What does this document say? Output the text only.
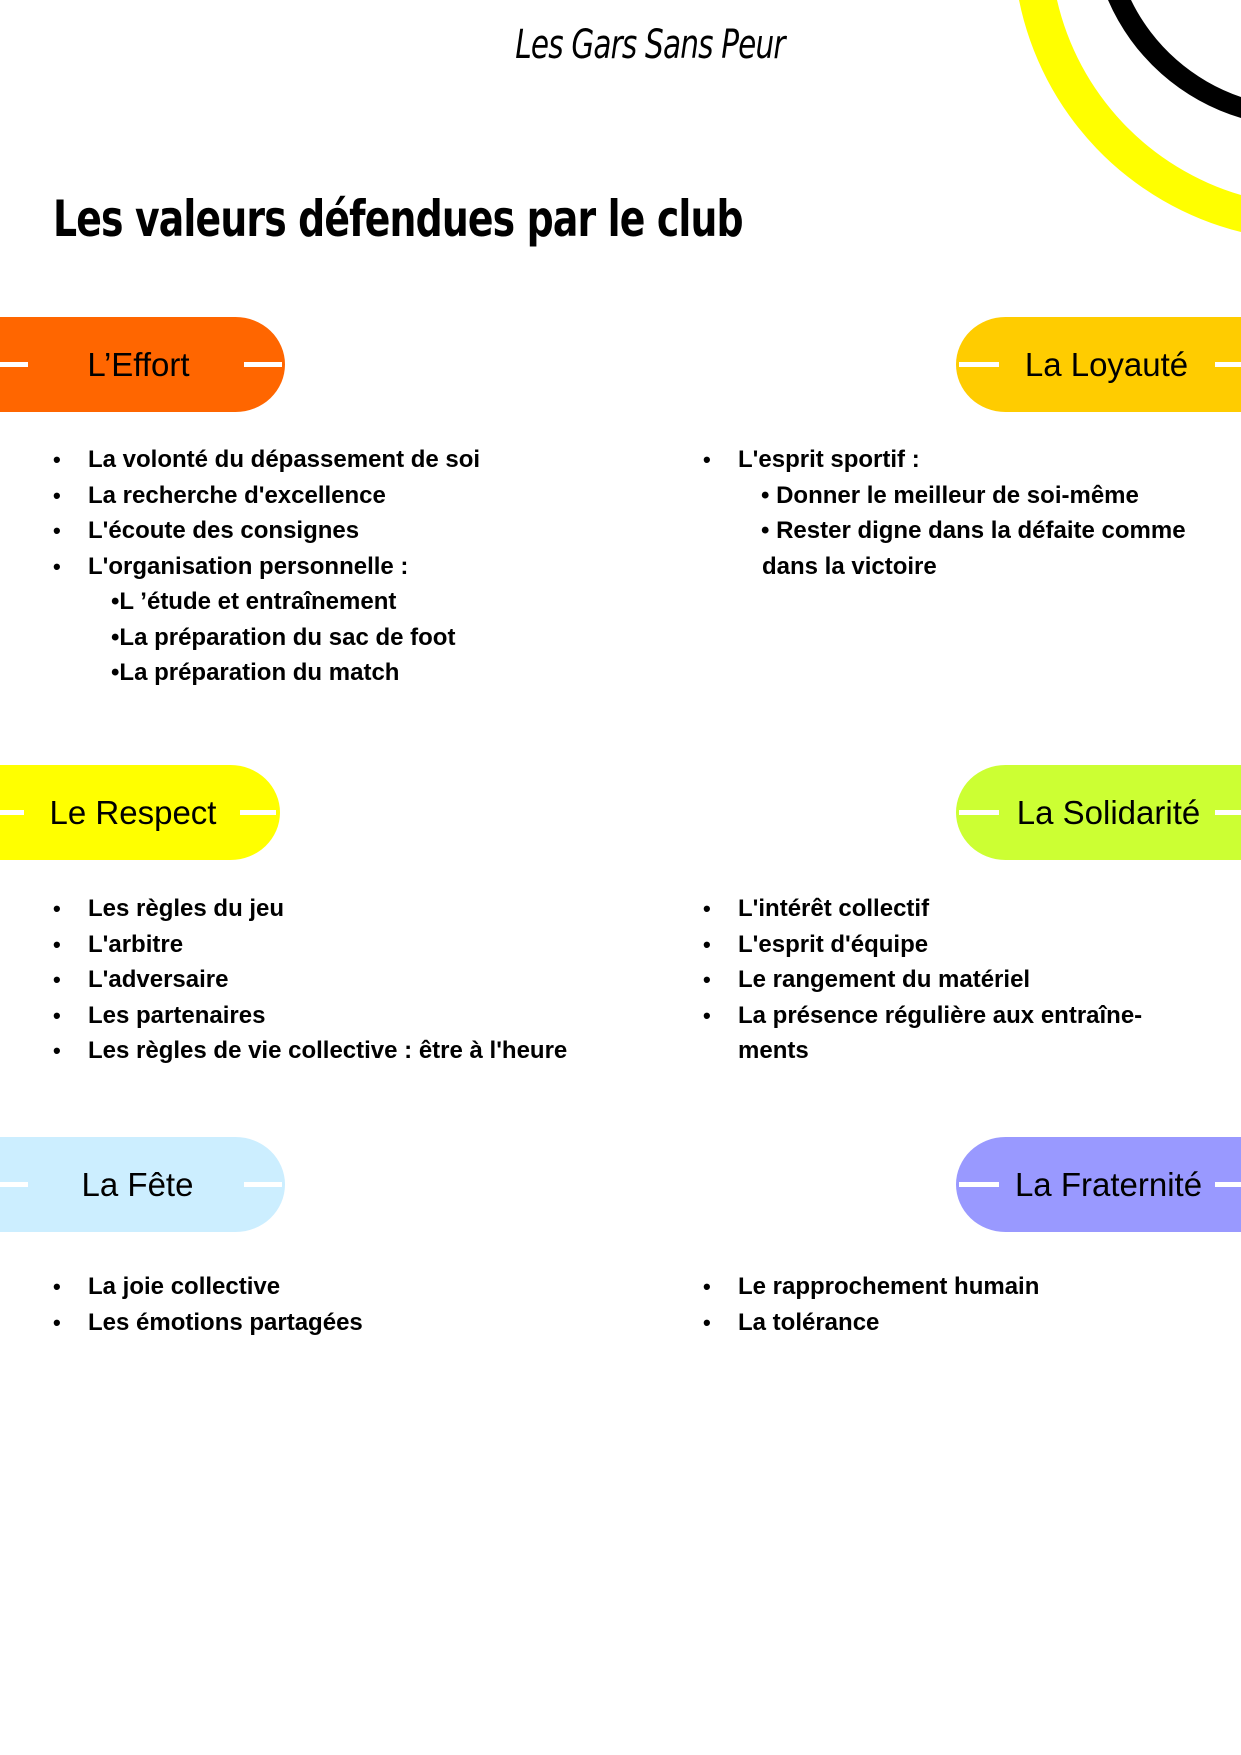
Les Gars Sans Peur
Les valeurs défendues par le club
L’Effort
• La volonté du dépassement de soi
• La recherche d'excellence
• L'écoute des consignes
• L'organisation personnelle :
•L ’étude et entraînement
•La préparation du sac de foot
•La préparation du match
La Loyauté
• L'esprit sportif :
• Donner le meilleur de soi-même
• Rester digne dans la défaite comme
dans la victoire
Le Respect
• Les règles du jeu
• L'arbitre
• L'adversaire
• Les partenaires
• Les règles de vie collective : être à l'heure
La Solidarité
• L'intérêt collectif
• L'esprit d'équipe
• Le rangement du matériel
• La présence régulière aux entraîne-
ments
La Fête
• La joie collective
• Les émotions partagées
La Fraternité
• Le rapprochement humain
• La tolérance
